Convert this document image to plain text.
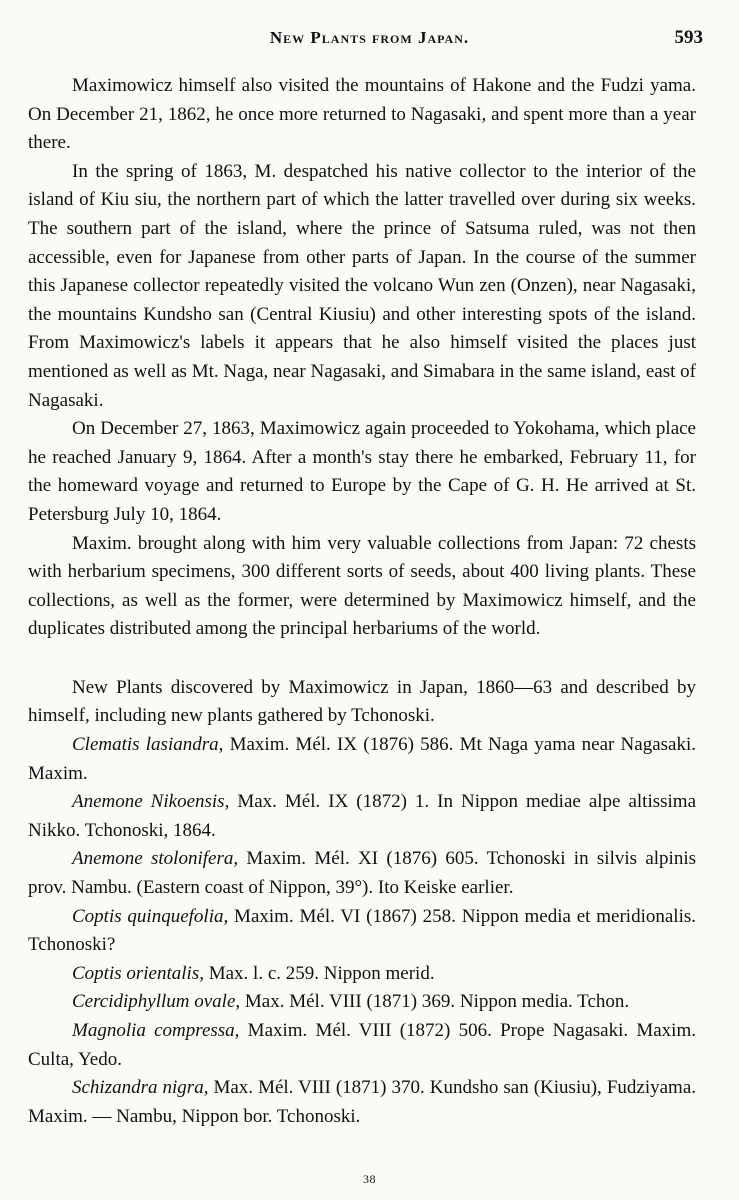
New Plants from Japan.	593

Maximowicz himself also visited the mountains of Hakone and the Fudzi yama. On December 21, 1862, he once more returned to Nagasaki, and spent more than a year there.

In the spring of 1863, M. despatched his native collector to the interior of the island of Kiu siu, the northern part of which the latter travelled over during six weeks. The southern part of the island, where the prince of Satsuma ruled, was not then accessible, even for Japanese from other parts of Japan. In the course of the summer this Japanese collector repeatedly visited the volcano Wun zen (Onzen), near Nagasaki, the mountains Kundsho san (Central Kiusiu) and other interesting spots of the island. From Maximowicz's labels it appears that he also himself visited the places just mentioned as well as Mt. Naga, near Nagasaki, and Simabara in the same island, east of Nagasaki.

On December 27, 1863, Maximowicz again proceeded to Yokohama, which place he reached January 9, 1864. After a month's stay there he embarked, February 11, for the homeward voyage and returned to Europe by the Cape of G. H. He arrived at St. Petersburg July 10, 1864.

Maxim. brought along with him very valuable collections from Japan: 72 chests with herbarium specimens, 300 different sorts of seeds, about 400 living plants. These collections, as well as the former, were determined by Maximowicz himself, and the duplicates distributed among the principal herbariums of the world.

New Plants discovered by Maximowicz in Japan, 1860—63 and described by himself, including new plants gathered by Tchonoski.

Clematis lasiandra, Maxim. Mél. IX (1876) 586. Mt Naga yama near Nagasaki. Maxim.

Anemone Nikoensis, Max. Mél. IX (1872) 1. In Nippon mediae alpe altissima Nikko. Tchonoski, 1864.

Anemone stolonifera, Maxim. Mél. XI (1876) 605. Tchonoski in silvis alpinis prov. Nambu. (Eastern coast of Nippon, 39°). Ito Keiske earlier.

Coptis quinquefolia, Maxim. Mél. VI (1867) 258. Nippon media et meridionalis. Tchonoski?

Coptis orientalis, Max. l. c. 259. Nippon merid.

Cercidiphyllum ovale, Max. Mél. VIII (1871) 369. Nippon media. Tchon.

Magnolia compressa, Maxim. Mél. VIII (1872) 506. Prope Nagasaki. Maxim. Culta, Yedo.

Schizandra nigra, Max. Mél. VIII (1871) 370. Kundsho san (Kiusiu), Fudziyama. Maxim. — Nambu, Nippon bor. Tchonoski.

38
